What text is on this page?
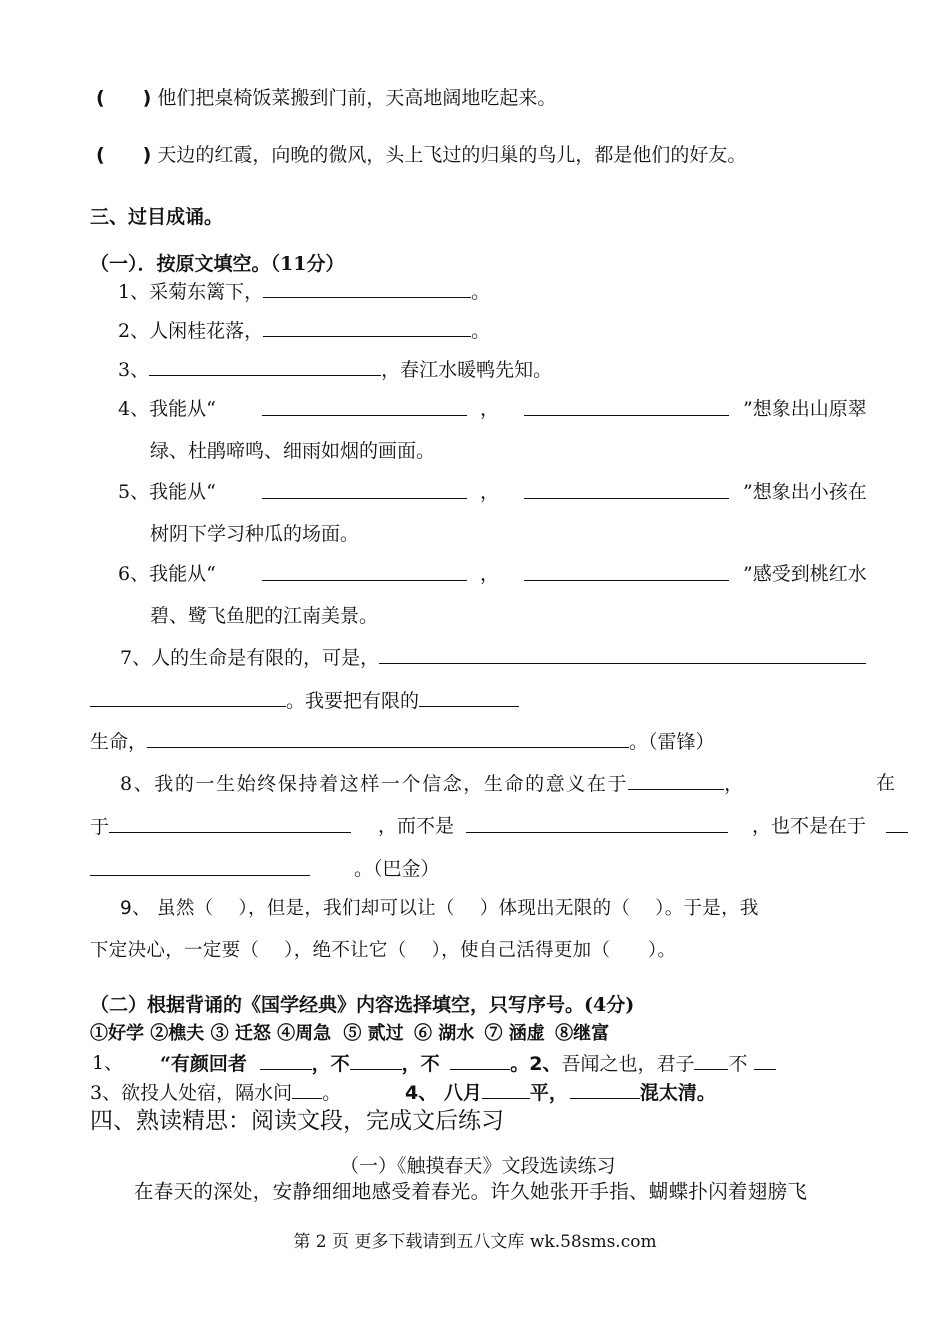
(　　) 他们把桌椅饭菜搬到门前，天高地阔地吃起来。
(　　) 天边的红霞，向晚的微风，头上飞过的归巢的鸟儿，都是他们的好友。
三、过目成诵。
（一）．按原文填空。（11分）
1、采菊东篱下，	。
2、人闲桂花落，	。
3、	，春江水暖鸭先知。
4、我能从“	，	”想象出山原翠
绿、杜鹃啼鸣、细雨如烟的画面。
5、我能从“	，	”想象出小孩在
树阴下学习种瓜的场面。
6、我能从“	，	”感受到桃红水
碧、鹭飞鱼肥的江南美景。
7、人的生命是有限的，可是，
。我要把有限的
生命，	。（雷锋）
8、我的一生始终保持着这样一个信念，生命的意义在于	，	在
于	，而不是	，也不是在于
。（巴金）
9、 虽然（　 ），但是，我们却可以让（　 ）体现出无限的（　 ）。于是，我
下定决心，一定要（　 ），绝不让它（　 ），使自己活得更加（　　）。
（二）根据背诵的《国学经典》内容选择填空，只写序号。(4分)
①好学 ②樵夫 ③ 迁怒 ④周急 ⑤ 贰过 ⑥ 湖水 ⑦ 涵虚 ⑧继富
1、 “有颜回者	，不	，不	。2、吾闻之也，君子 不
3、欲投人处宿，隔水问 。	4、 八月	平，	混太清。
四、熟读精思：阅读文段，完成文后练习
（一）《触摸春天》文段选读练习
在春天的深处，安静细细地感受着春光。许久她张开手指、蝴蝶扑闪着翅膀飞
第 2 页 更多下载请到五八文库 wk.58sms.com
